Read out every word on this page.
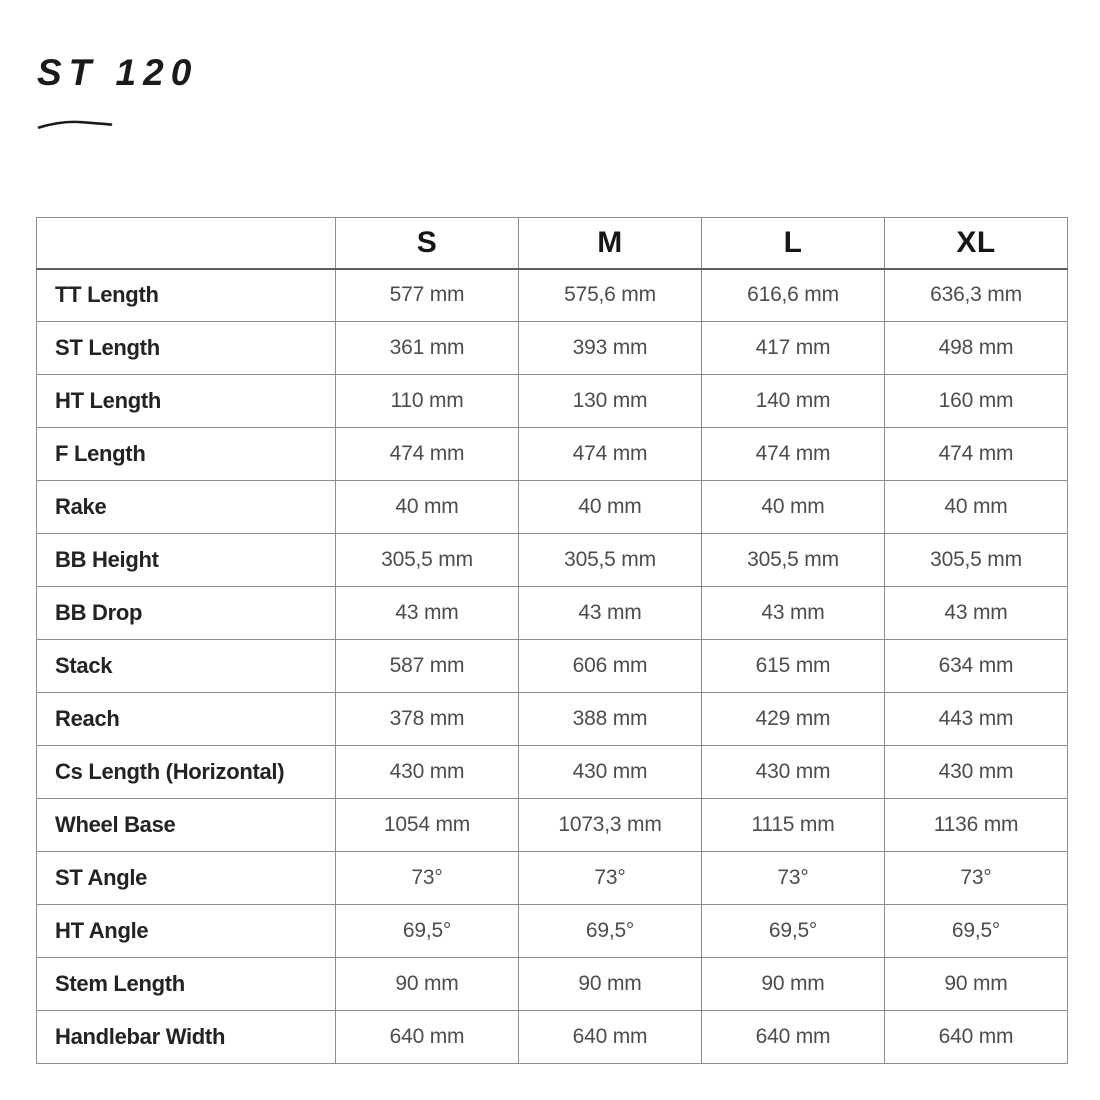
ST 120
	S	M	L	XL
TT Length	577 mm	575,6 mm	616,6 mm	636,3 mm
ST Length	361 mm	393 mm	417 mm	498 mm
HT Length	110 mm	130 mm	140 mm	160 mm
F Length	474 mm	474 mm	474 mm	474 mm
Rake	40 mm	40 mm	40 mm	40 mm
BB Height	305,5 mm	305,5 mm	305,5 mm	305,5 mm
BB Drop	43 mm	43 mm	43 mm	43 mm
Stack	587 mm	606 mm	615 mm	634 mm
Reach	378 mm	388 mm	429 mm	443 mm
Cs Length (Horizontal)	430 mm	430 mm	430 mm	430 mm
Wheel Base	1054 mm	1073,3 mm	1115 mm	1136 mm
ST Angle	73°	73°	73°	73°
HT Angle	69,5°	69,5°	69,5°	69,5°
Stem Length	90 mm	90 mm	90 mm	90 mm
Handlebar Width	640 mm	640 mm	640 mm	640 mm
